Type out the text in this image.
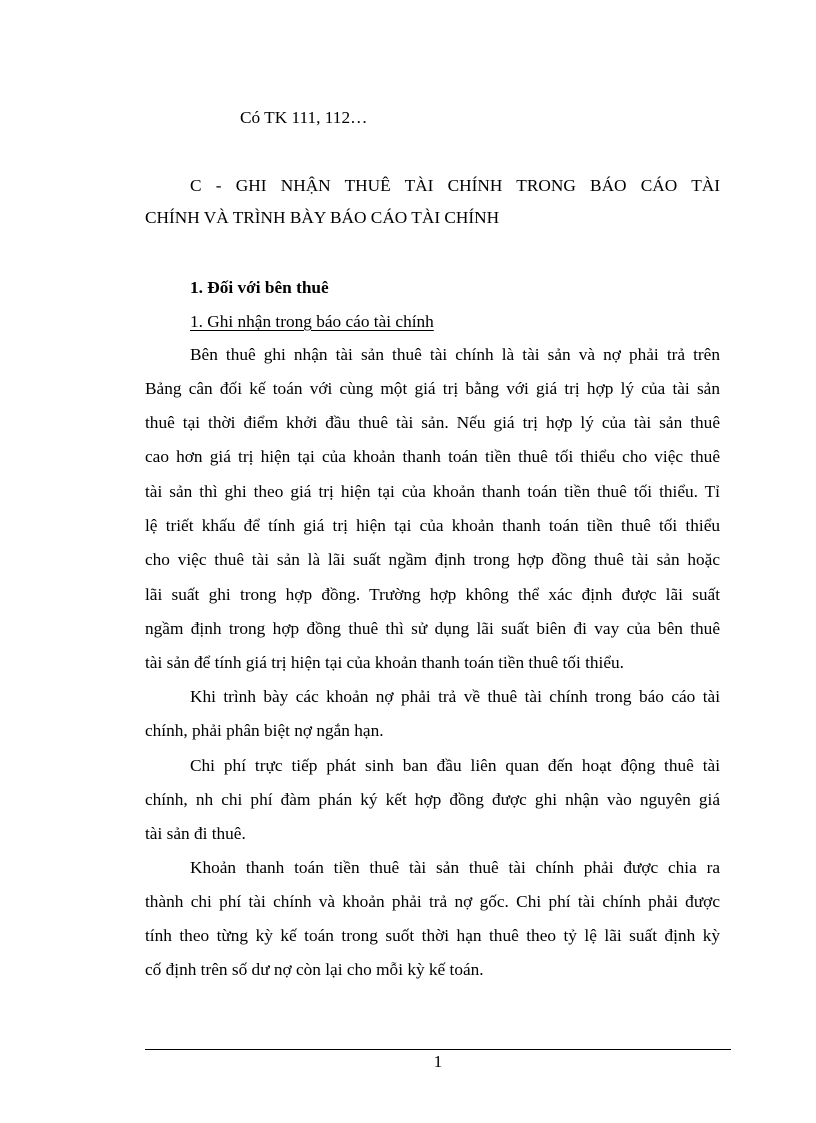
Có TK 111, 112…
C - GHI NHẬN THUÊ TÀI CHÍNH TRONG BÁO CÁO TÀI
CHÍNH VÀ TRÌNH BÀY BÁO CÁO TÀI CHÍNH
1. Đối với bên thuê
1. Ghi nhận trong báo cáo tài chính
Bên thuê ghi nhận tài sản thuê tài chính là tài sản và nợ phải trả trên
Bảng cân đối kế toán với cùng một giá trị bằng với giá trị hợp lý của tài sản
thuê tại thời điểm khởi đầu thuê tài sản. Nếu giá trị hợp lý của tài sản thuê
cao hơn giá trị hiện tại của khoản thanh toán tiền thuê tối thiểu cho việc thuê
tài sản thì ghi theo giá trị hiện tại của khoản thanh toán tiền thuê tối thiểu. Tỉ
lệ triết khấu để tính giá trị hiện tại của khoản thanh toán tiền thuê tối thiểu
cho việc thuê tài sản là lãi suất ngầm định trong hợp đồng thuê tài sản hoặc
lãi suất ghi trong hợp đồng. Trường hợp không thể xác định được lãi suất
ngầm định trong hợp đồng thuê thì sử dụng lãi suất biên đi vay của bên thuê
tài sản để tính giá trị hiện tại của khoản thanh toán tiền thuê tối thiểu.
Khi trình bày các khoản nợ phải trả về thuê tài chính trong báo cáo tài
chính, phải phân biệt nợ ngắn hạn.
Chi phí trực tiếp phát sinh ban đầu liên quan đến hoạt động thuê tài
chính, nh chi phí đàm phán ký kết hợp đồng được ghi nhận vào nguyên giá
tài sản đi thuê.
Khoản thanh toán tiền thuê tài sản thuê tài chính phải được chia ra
thành chi phí tài chính và khoản phải trả nợ gốc. Chi phí tài chính phải được
tính theo từng kỳ kế toán trong suốt thời hạn thuê theo tỷ lệ lãi suất định kỳ
cố định trên số dư nợ còn lại cho mỗi kỳ kế toán.
1
